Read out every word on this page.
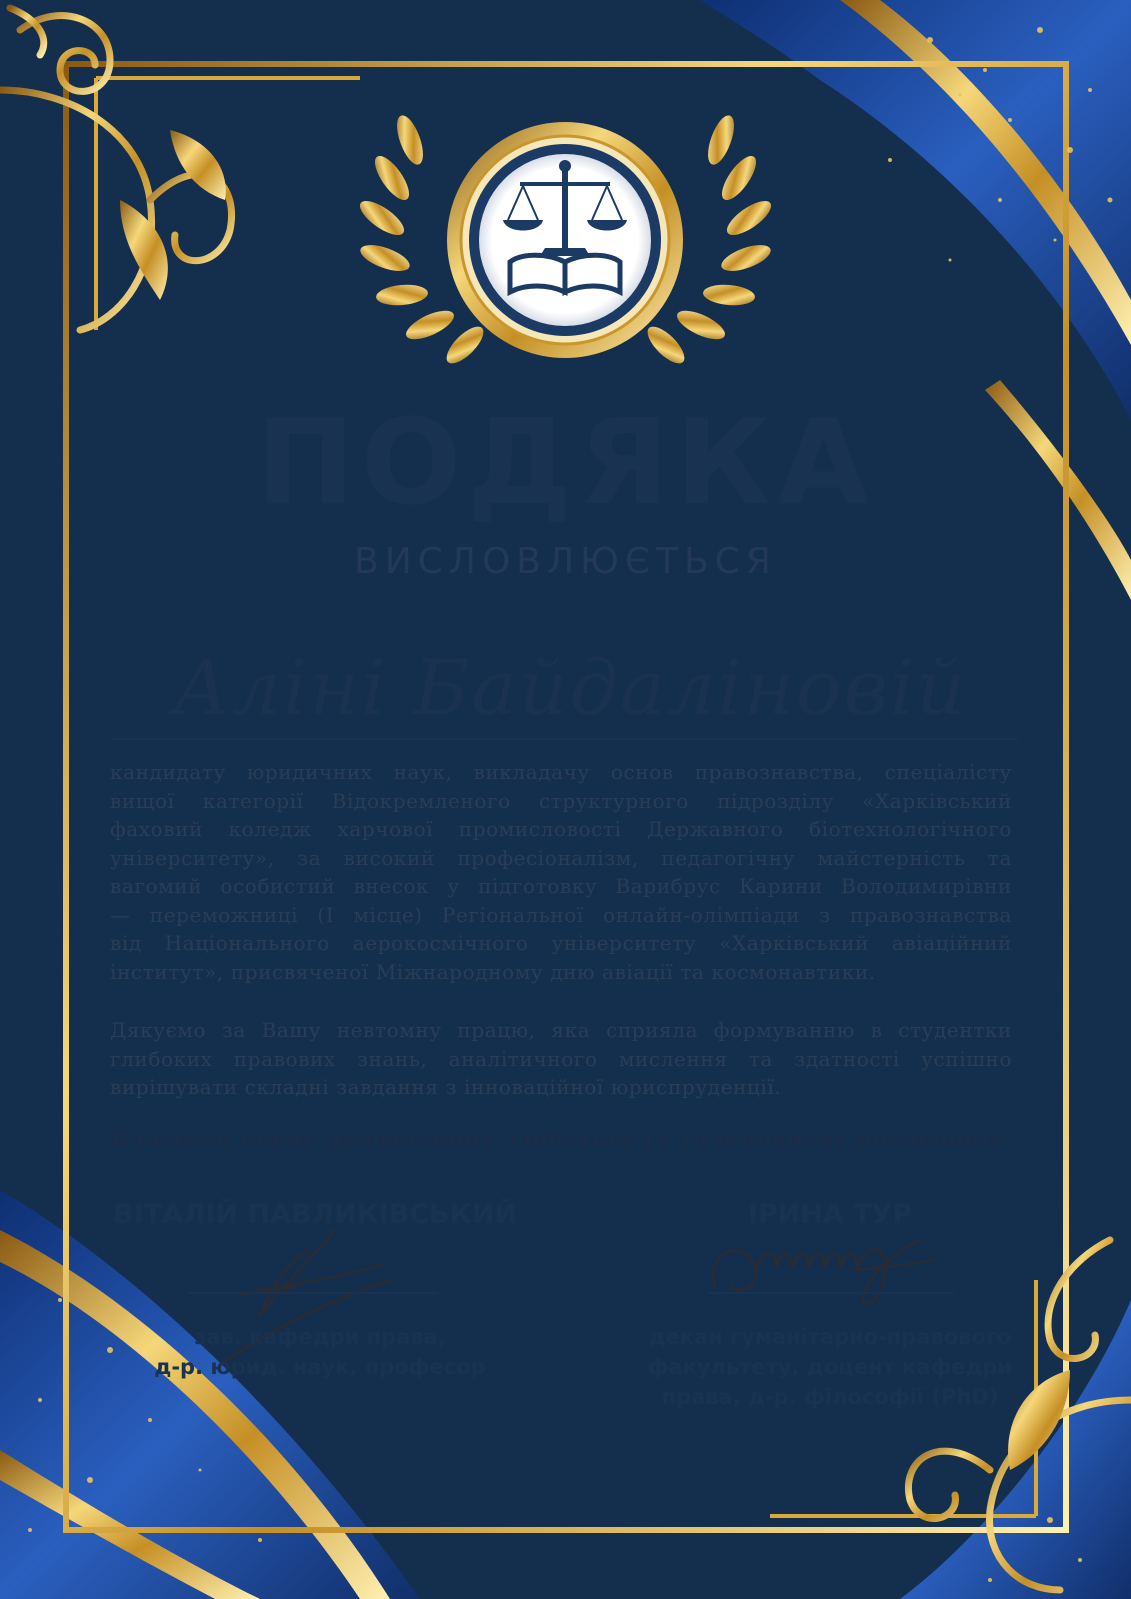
ПОДЯКА
ВИСЛОВЛЮЄТЬСЯ
Аліні Байдаліновій
кандидату юридичних наук, викладачу основ правознавства, спеціалісту
вищої категорії Відокремленого структурного підрозділу «Харківський
фаховий коледж харчової промисловості Державного біотехнологічного
університету», за високий професіоналізм, педагогічну майстерність та
вагомий особистий внесок у підготовку Варибрус Карини Володимирівни
— переможниці (І місце) Регіональної онлайн-олімпіади з правознавства
від Національного аерокосмічного університету «Харківський авіаційний
інститут», присвяченої Міжнародному дню авіації та космонавтики.
Дякуємо за Вашу невтомну працю, яка сприяла формуванню в студентки
глибоких правових знань, аналітичного мислення та здатності успішно
вирішувати складні завдання з інноваційної юриспруденції.
Бажаємо нових професійних здобутків та талановитих вихованців!
ВІТАЛІЙ ПАВЛИКІВСЬКИЙ
зав. кафедри права,
д-р. юрид. наук, професор
ІРИНА ТУР
декан гуманітарно-правового
факультету, доцент кафедри
права, д-р. філософії (PhD)
